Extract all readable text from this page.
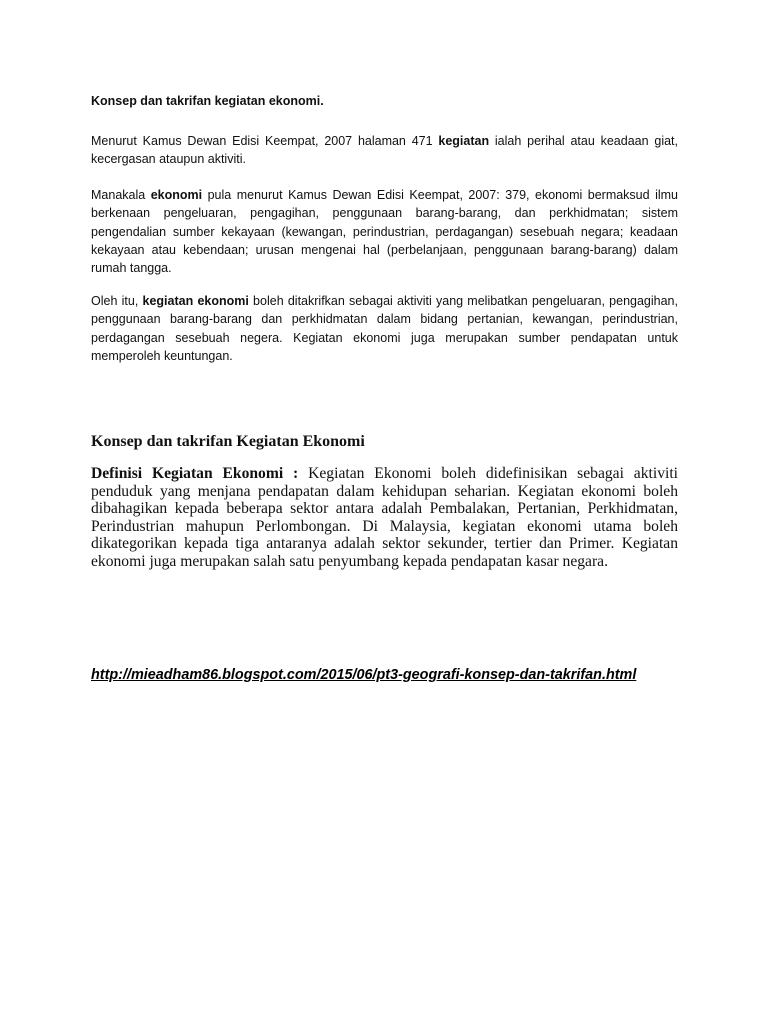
Konsep dan takrifan kegiatan ekonomi.

Menurut Kamus Dewan Edisi Keempat, 2007 halaman 471 kegiatan ialah perihal atau keadaan giat, kecergasan ataupun aktiviti.

Manakala ekonomi pula menurut Kamus Dewan Edisi Keempat, 2007: 379, ekonomi bermaksud ilmu berkenaan pengeluaran, pengagihan, penggunaan barang-barang, dan perkhidmatan; sistem pengendalian sumber kekayaan (kewangan, perindustrian, perdagangan) sesebuah negara; keadaan kekayaan atau kebendaan; urusan mengenai hal (perbelanjaan, penggunaan barang-barang) dalam rumah tangga.

Oleh itu, kegiatan ekonomi boleh ditakrifkan sebagai aktiviti yang melibatkan pengeluaran, pengagihan, penggunaan barang-barang dan perkhidmatan dalam bidang pertanian, kewangan, perindustrian, perdagangan sesebuah negera. Kegiatan ekonomi juga merupakan sumber pendapatan untuk memperoleh keuntungan.

Konsep dan takrifan Kegiatan Ekonomi

Definisi Kegiatan Ekonomi : Kegiatan Ekonomi boleh didefinisikan sebagai aktiviti penduduk yang menjana pendapatan dalam kehidupan seharian. Kegiatan ekonomi boleh dibahagikan kepada beberapa sektor antara adalah Pembalakan, Pertanian, Perkhidmatan, Perindustrian mahupun Perlombongan. Di Malaysia, kegiatan ekonomi utama boleh dikategorikan kepada tiga antaranya adalah sektor sekunder, tertier dan Primer. Kegiatan ekonomi juga merupakan salah satu penyumbang kepada pendapatan kasar negara.

http://mieadham86.blogspot.com/2015/06/pt3-geografi-konsep-dan-takrifan.html
